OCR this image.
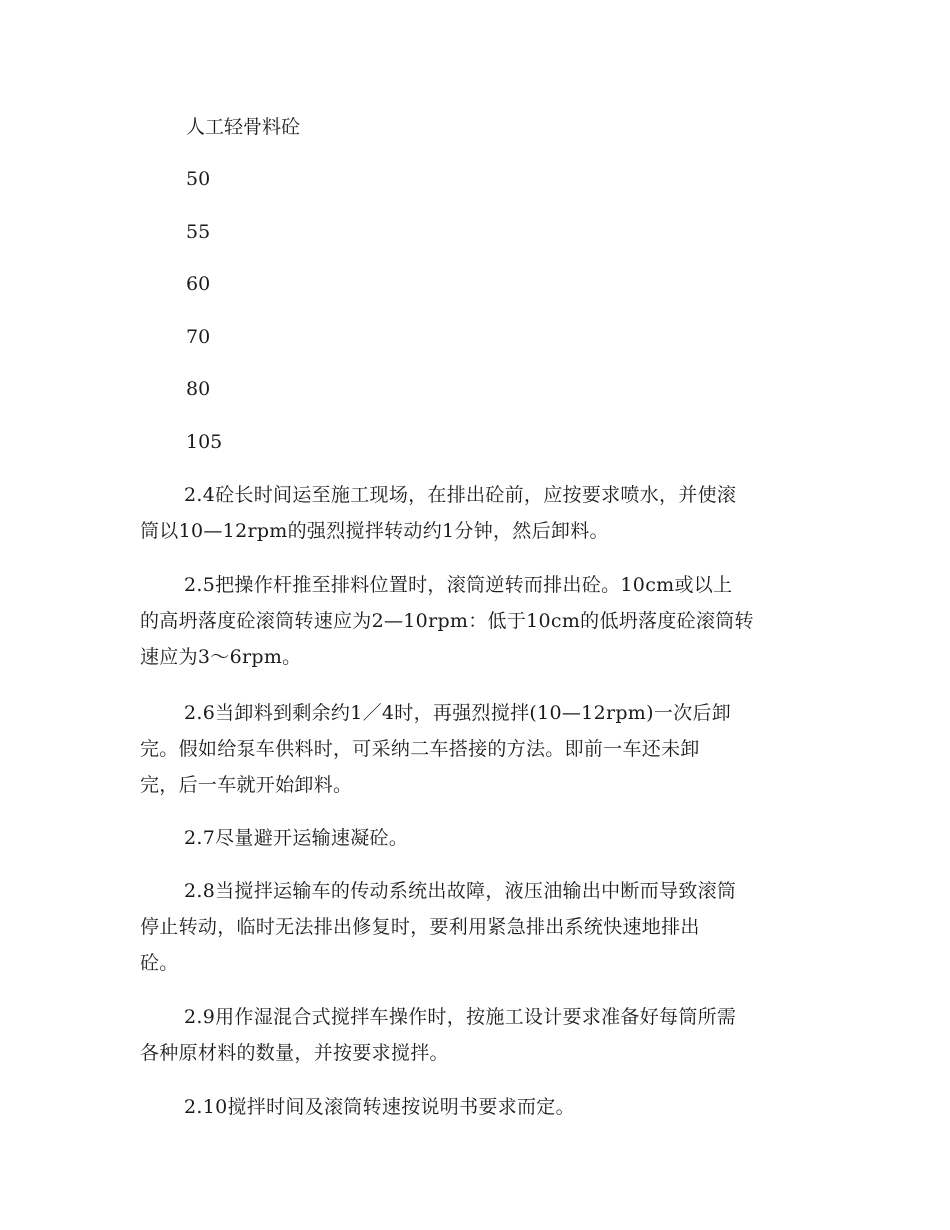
人工轻骨料砼
50
55
60
70
80
105
2.4砼长时间运至施工现场，在排出砼前，应按要求喷水，并使滚
筒以10—12rpm的强烈搅拌转动约1分钟，然后卸料。
2.5把操作杆推至排料位置时，滚筒逆转而排出砼。10cm或以上
的高坍落度砼滚筒转速应为2—10rpm：低于10cm的低坍落度砼滚筒转
速应为3～6rpm。
2.6当卸料到剩余约1／4时，再强烈搅拌(10—12rpm)一次后卸
完。假如给泵车供料时，可采纳二车搭接的方法。即前一车还未卸
完，后一车就开始卸料。
2.7尽量避开运输速凝砼。
2.8当搅拌运输车的传动系统出故障，液压油输出中断而导致滚筒
停止转动，临时无法排出修复时，要利用紧急排出系统快速地排出
砼。
2.9用作湿混合式搅拌车操作时，按施工设计要求准备好每筒所需
各种原材料的数量，并按要求搅拌。
2.10搅拌时间及滚筒转速按说明书要求而定。
